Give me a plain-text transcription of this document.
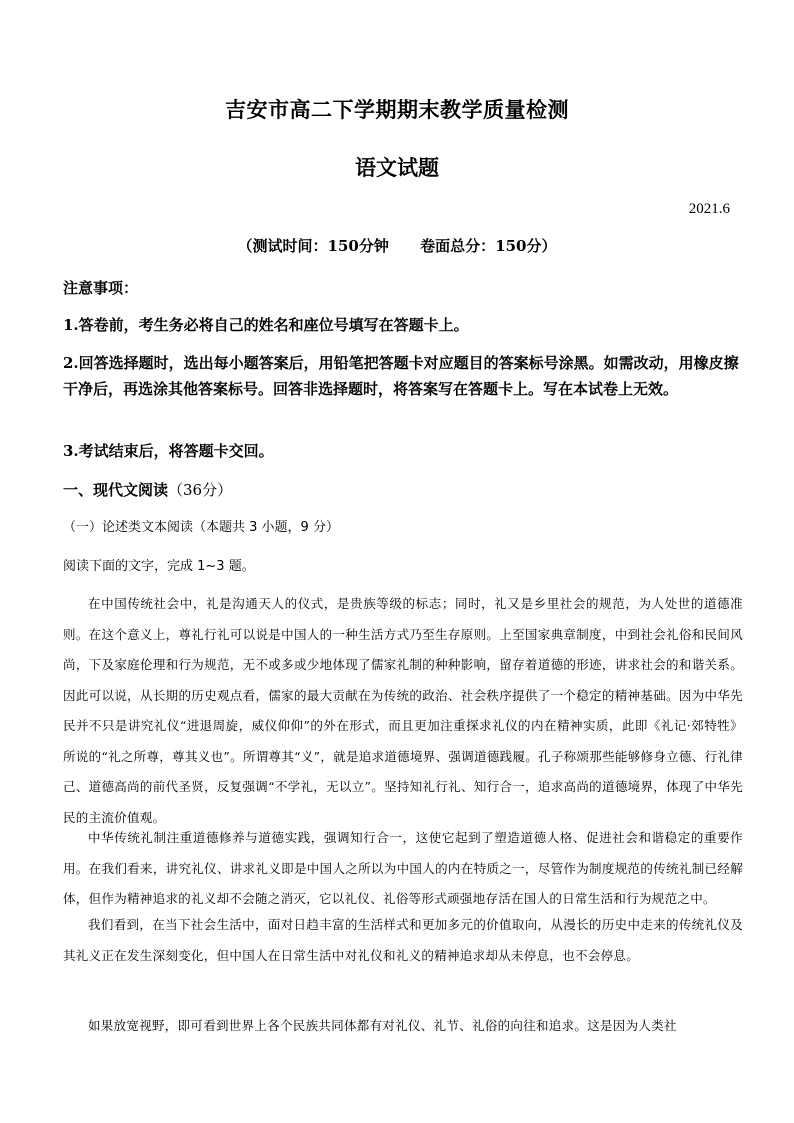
吉安市高二下学期期末教学质量检测
语文试题
2021.6
（测试时间：150分钟      卷面总分：150分）
注意事项：
1.答卷前，考生务必将自己的姓名和座位号填写在答题卡上。
2.回答选择题时，选出每小题答案后，用铅笔把答题卡对应题目的答案标号涂黑。如需改动，用橡皮擦干净后，再选涂其他答案标号。回答非选择题时，将答案写在答题卡上。写在本试卷上无效。
3.考试结束后，将答题卡交回。
一、现代文阅读（36分）
（一）论述类文本阅读（本题共 3 小题，9 分）
阅读下面的文字，完成 1~3 题。
在中国传统社会中，礼是沟通天人的仪式，是贵族等级的标志；同时，礼又是乡里社会的规范，为人处世的道德准则。在这个意义上，尊礼行礼可以说是中国人的一种生活方式乃至生存原则。上至国家典章制度，中到社会礼俗和民间风尚，下及家庭伦理和行为规范，无不或多或少地体现了儒家礼制的种种影响，留存着道德的形迹，讲求社会的和谐关系。因此可以说，从长期的历史观点看，儒家的最大贡献在为传统的政治、社会秩序提供了一个稳定的精神基础。因为中华先民并不只是讲究礼仪“进退周旋，威仪仰仰”的外在形式，而且更加注重探求礼仪的内在精神实质，此即《礼记·郊特牲》所说的“礼之所尊，尊其义也”。所谓尊其“义”，就是追求道德境界、强调道德践履。孔子称颂那些能够修身立德、行礼律己、道德高尚的前代圣贤，反复强调“不学礼，无以立”。坚持知礼行礼、知行合一，追求高尚的道德境界，体现了中华先民的主流价值观。
中华传统礼制注重道德修养与道德实践，强调知行合一，这使它起到了塑造道德人格、促进社会和谐稳定的重要作用。在我们看来，讲究礼仪、讲求礼义即是中国人之所以为中国人的内在特质之一，尽管作为制度规范的传统礼制已经解体，但作为精神追求的礼义却不会随之消灭，它以礼仪、礼俗等形式顽强地存活在国人的日常生活和行为规范之中。
我们看到，在当下社会生活中，面对日趋丰富的生活样式和更加多元的价值取向，从漫长的历史中走来的传统礼仪及其礼义正在发生深刻变化，但中国人在日常生活中对礼仪和礼义的精神追求却从未停息，也不会停息。
如果放宽视野，即可看到世界上各个民族共同体都有对礼仪、礼节、礼俗的向往和追求。这是因为人类社
